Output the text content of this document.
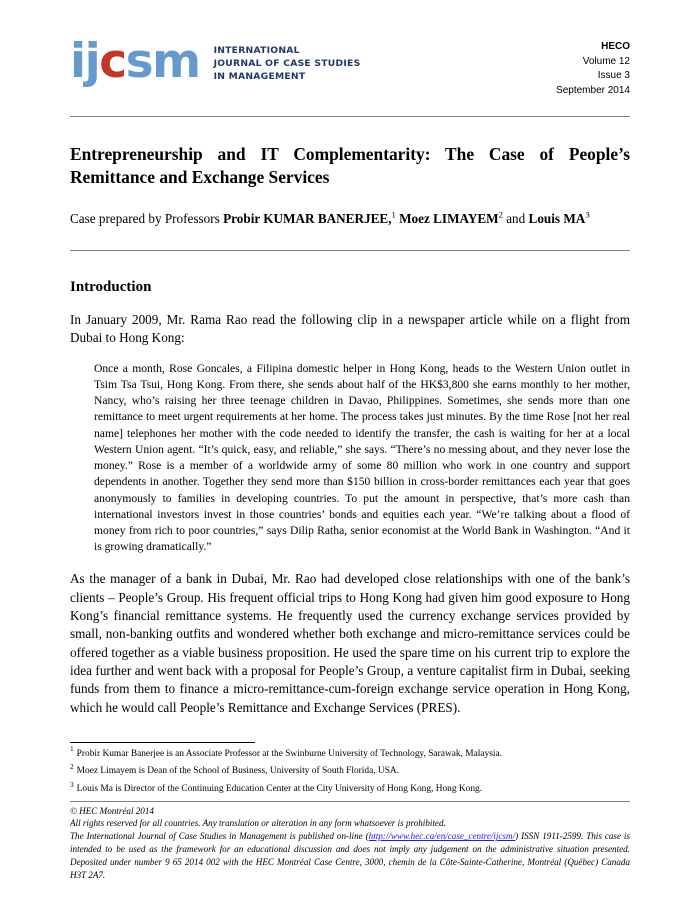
ijcsm INTERNATIONAL
JOURNAL OF CASE STUDIES
IN MANAGEMENT
HECO
Volume 12
Issue 3
September 2014
Entrepreneurship and IT Complementarity: The Case of People’s Remittance and Exchange Services
Case prepared by Professors Probir KUMAR BANERJEE,$^1$ Moez LIMAYEM$^2$ and Louis $MA^3$
Introduction

In January 2009, Mr. Rama Rao read the following clip in a newspaper article while on a flight from Dubai to Hong Kong:

Once a month, Rose Goncales, a Filipina domestic helper in Hong Kong, heads to the Western Union outlet in Tsim Tsa Tsui, Hong Kong. From there, she sends about half of the HK$3,800 she earns monthly to her mother, Nancy, who’s raising her three teenage children in Davao, Philippines. Sometimes, she sends more than one remittance to meet urgent requirements at her home. The process takes just minutes. By the time Rose [not her real name] telephones her mother with the code needed to identify the transfer, the cash is waiting for her at a local Western Union agent. “It’s quick, easy, and reliable,” she says. “There’s no messing about, and they never lose the money.” Rose is a member of a worldwide army of some 80 million who work in one country and support dependents in another. Together they send more than $150 billion in cross-border remittances each year that goes anonymously to families in developing countries. To put the amount in perspective, that’s more cash than international investors invest in those countries’ bonds and equities each year. “We’re talking about a flood of money from rich to poor countries,” says Dilip Ratha, senior economist at the World Bank in Washington. “And it is growing dramatically.”

As the manager of a bank in Dubai, Mr. Rao had developed close relationships with one of the bank’s clients – People’s Group. His frequent official trips to Hong Kong had given him good exposure to Hong Kong’s financial remittance systems. He frequently used the currency exchange services provided by small, non-banking outfits and wondered whether both exchange and micro-remittance services could be offered together as a viable business proposition. He used the spare time on his current trip to explore the idea further and went back with a proposal for People’s Group, a venture capitalist firm in Dubai, seeking funds from them to finance a micro-remittance-cum-foreign exchange service operation in Hong Kong, which he would call People’s Remittance and Exchange Services (PRES).

$^1$ Probir Kumar Banerjee is an Associate Professor at the Swinburne University of Technology, Sarawak, Malaysia.
$^2$ Moez Limayem is Dean of the School of Business, University of South Florida, USA.
$^3$ Louis Ma is Director of the Continuing Education Center at the City University of Hong Kong, Hong Kong.
© HEC Montréal 2014
All rights reserved for all countries. Any translation or alteration in any form whatsoever is prohibited.
The International Journal of Case Studies in Management is published on-line (http://www.hec.ca/en/case_centre/ijcsm/) ISSN 1911-2599. This case is intended to be used as the framework for an educational discussion and does not imply any judgement on the administrative situation presented. Deposited under number 9 65 2014 002 with the HEC Montréal Case Centre, 3000, chemin de la Côte-Sainte-Catherine, Montréal (Québec) Canada H3T 2A7.
